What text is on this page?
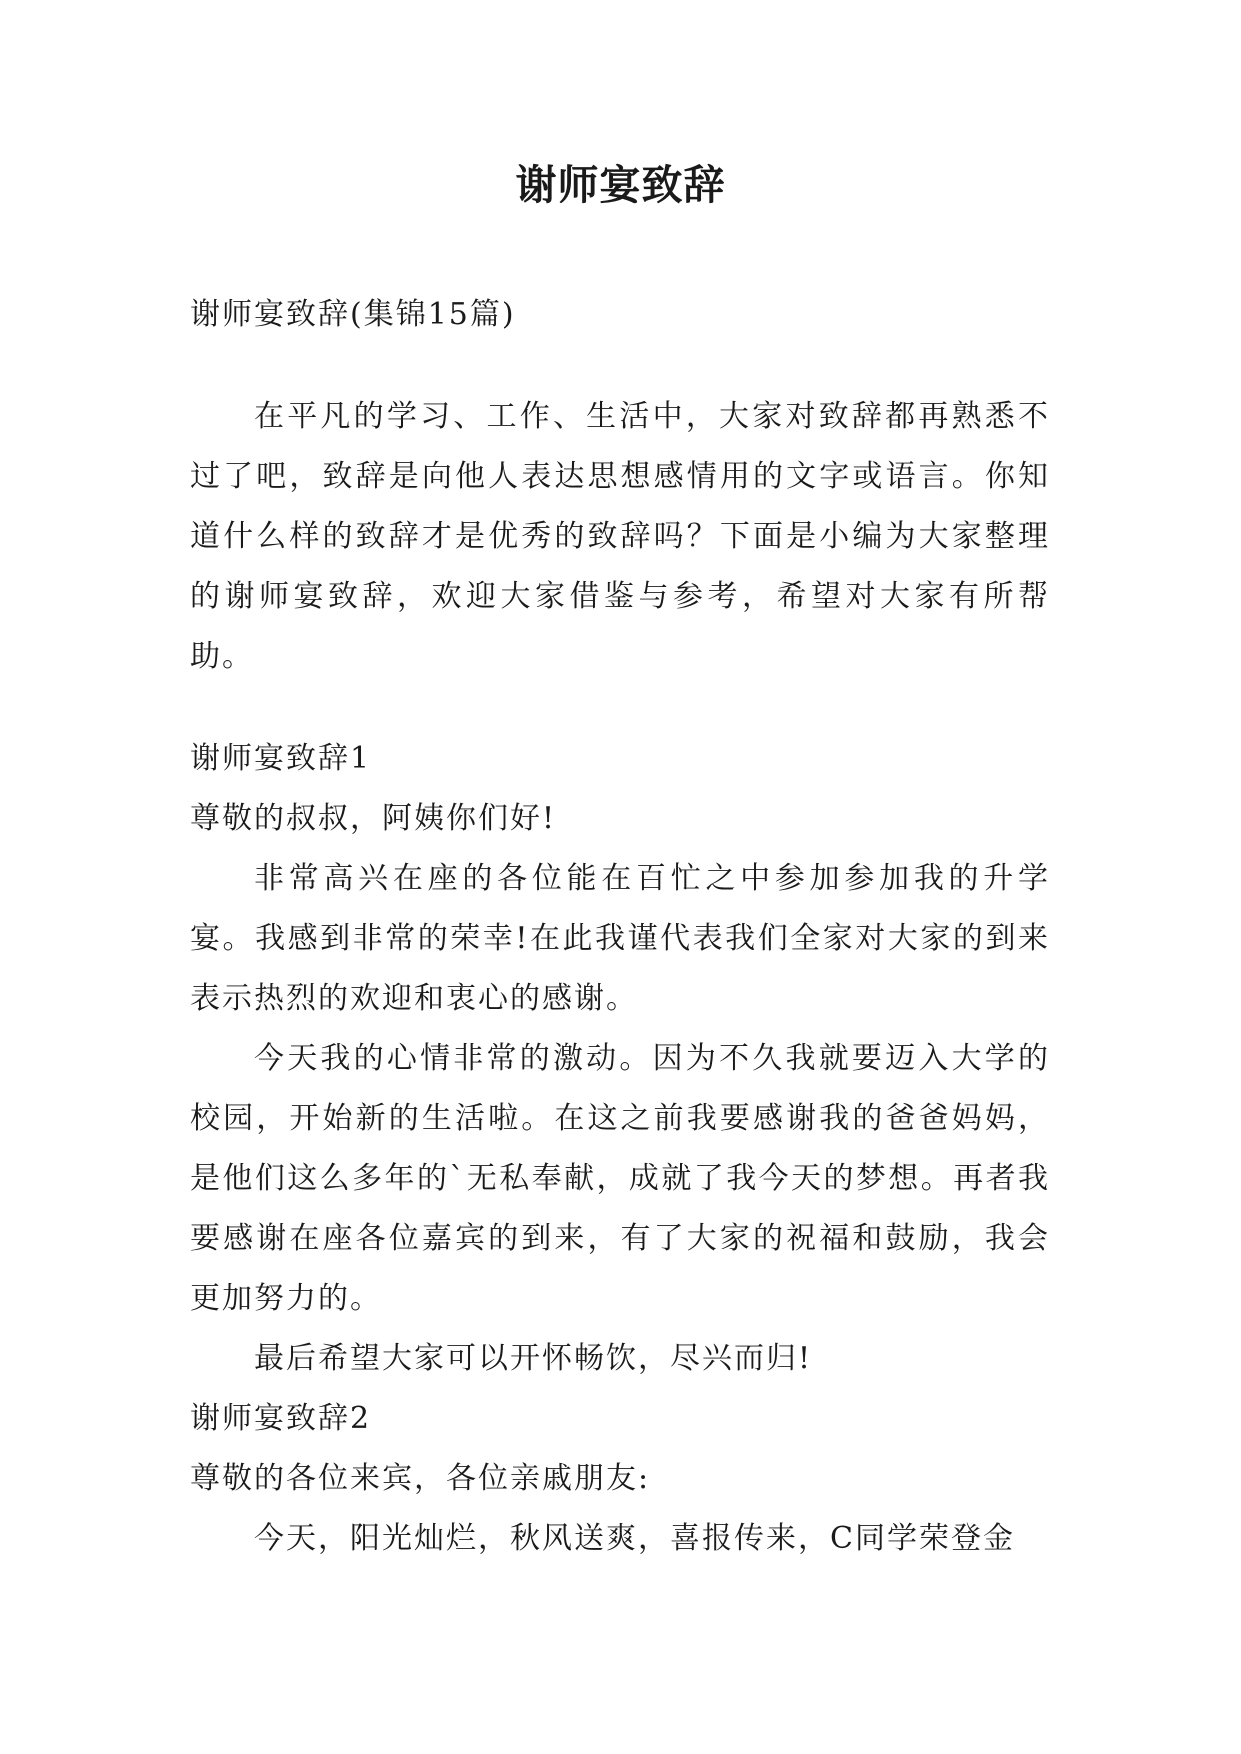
谢师宴致辞

谢师宴致辞(集锦15篇)

在平凡的学习、工作、生活中，大家对致辞都再熟悉不过了吧，致辞是向他人表达思想感情用的文字或语言。你知道什么样的致辞才是优秀的致辞吗？下面是小编为大家整理的谢师宴致辞，欢迎大家借鉴与参考，希望对大家有所帮助。

谢师宴致辞1

尊敬的叔叔，阿姨你们好!

非常高兴在座的各位能在百忙之中参加参加我的升学宴。我感到非常的荣幸!在此我谨代表我们全家对大家的到来表示热烈的欢迎和衷心的感谢。

今天我的心情非常的激动。因为不久我就要迈入大学的校园，开始新的生活啦。在这之前我要感谢我的爸爸妈妈，是他们这么多年的`无私奉献，成就了我今天的梦想。再者我要感谢在座各位嘉宾的到来，有了大家的祝福和鼓励，我会更加努力的。

最后希望大家可以开怀畅饮，尽兴而归!

谢师宴致辞2

尊敬的各位来宾，各位亲戚朋友:

今天，阳光灿烂，秋风送爽，喜报传来，C同学荣登金
